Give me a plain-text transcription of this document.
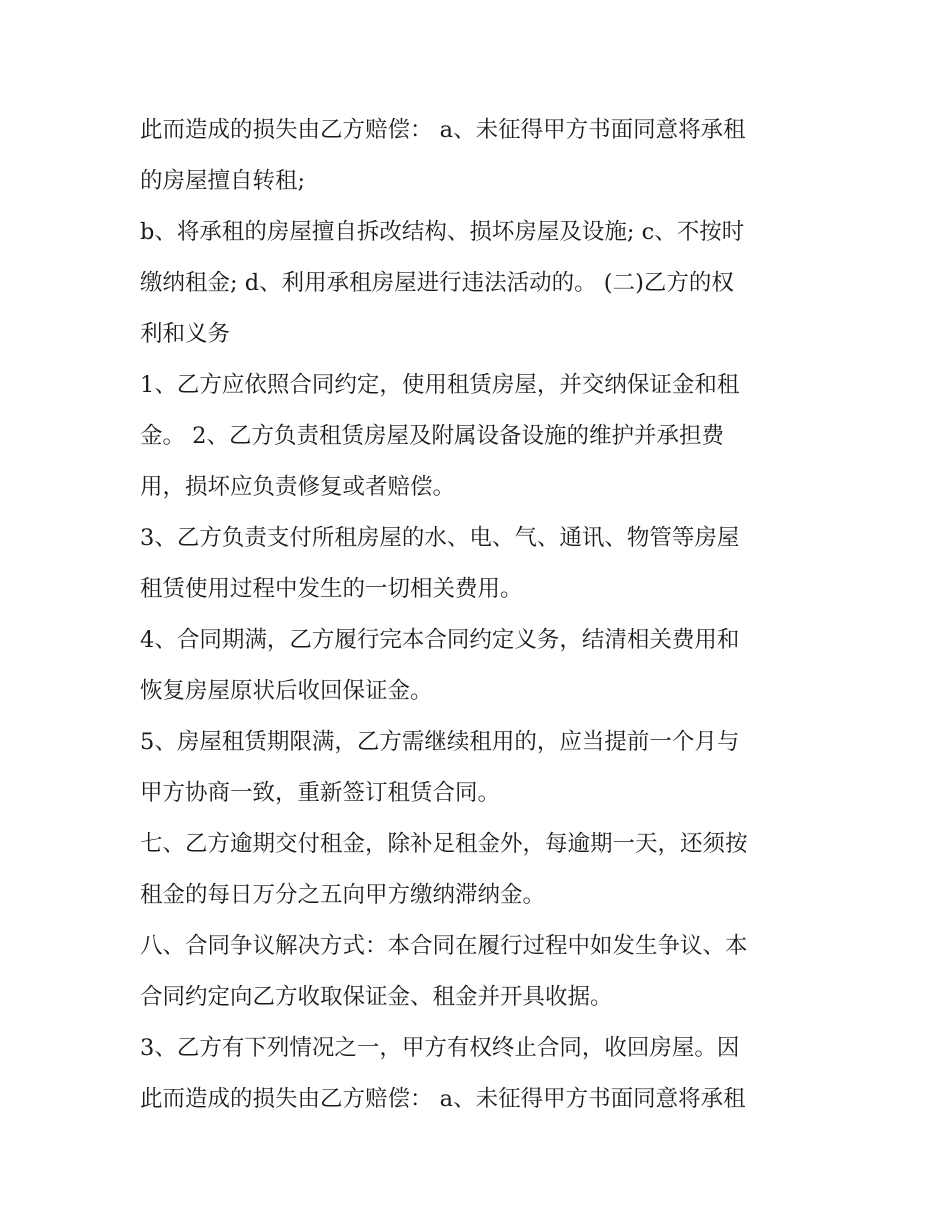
此而造成的损失由乙方赔偿： a、未征得甲方书面同意将承租
的房屋擅自转租;
b、将承租的房屋擅自拆改结构、损坏房屋及设施; c、不按时
缴纳租金; d、利用承租房屋进行违法活动的。 (二)乙方的权
利和义务
1、乙方应依照合同约定，使用租赁房屋，并交纳保证金和租
金。 2、乙方负责租赁房屋及附属设备设施的维护并承担费
用，损坏应负责修复或者赔偿。
3、乙方负责支付所租房屋的水、电、气、通讯、物管等房屋
租赁使用过程中发生的一切相关费用。
4、合同期满，乙方履行完本合同约定义务，结清相关费用和
恢复房屋原状后收回保证金。
5、房屋租赁期限满，乙方需继续租用的，应当提前一个月与
甲方协商一致，重新签订租赁合同。
七、乙方逾期交付租金，除补足租金外，每逾期一天，还须按
租金的每日万分之五向甲方缴纳滞纳金。
八、合同争议解决方式：本合同在履行过程中如发生争议、本
合同约定向乙方收取保证金、租金并开具收据。
3、乙方有下列情况之一，甲方有权终止合同，收回房屋。因
此而造成的损失由乙方赔偿： a、未征得甲方书面同意将承租
